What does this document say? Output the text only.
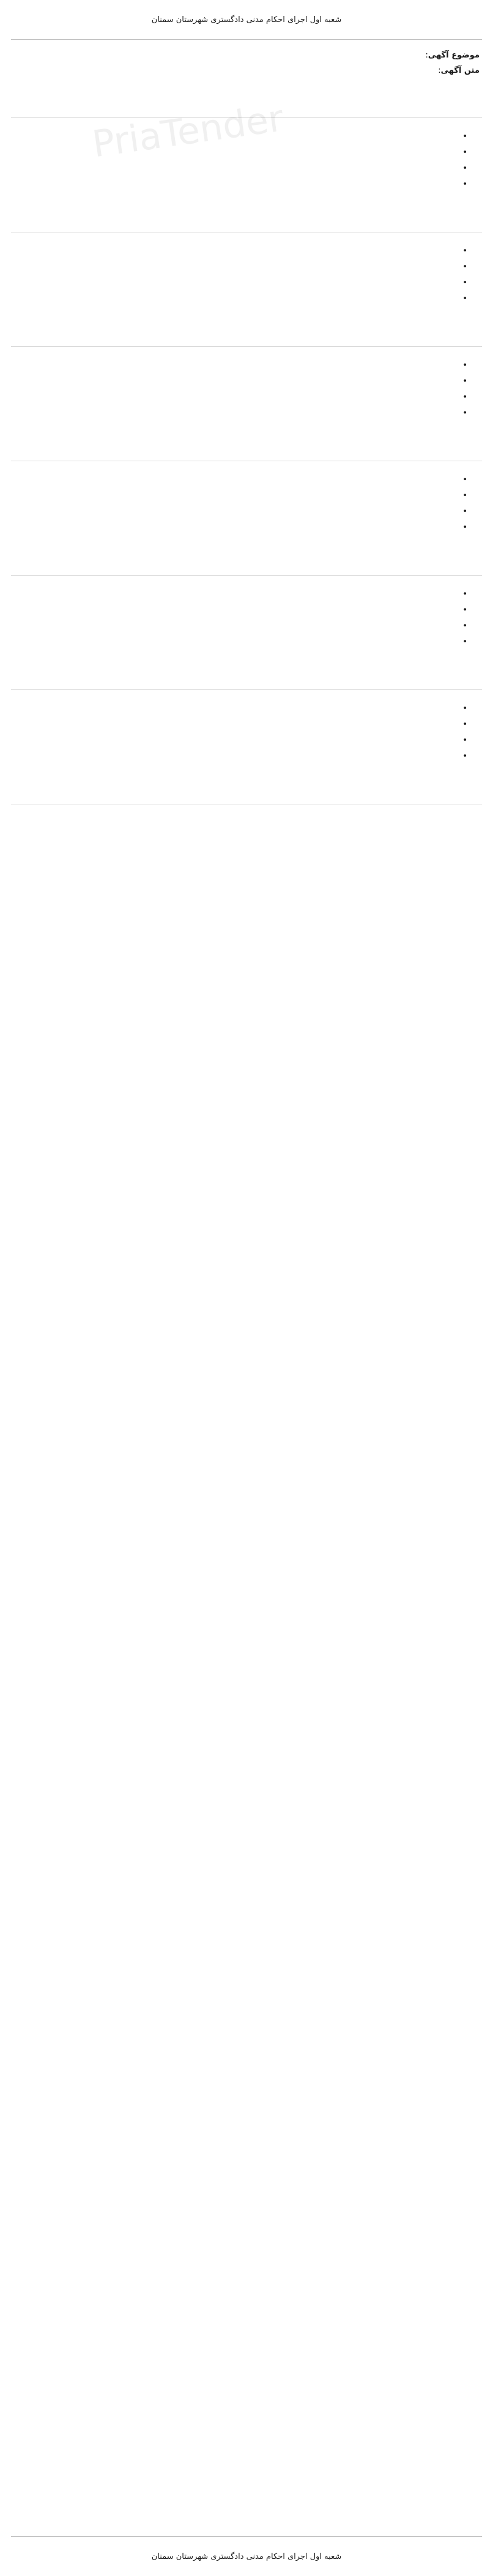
PriaTender
شعبه اول اجرای احکام مدنی دادگستری شهرستان سمنان
موضوع آگهی:
متن آگهی:
•
•
•
•
•
•
•
•
•
•
•
•
•
•
•
•
•
•
•
•
•
•
•
•
شعبه اول اجرای احکام مدنی دادگستری شهرستان سمنان
